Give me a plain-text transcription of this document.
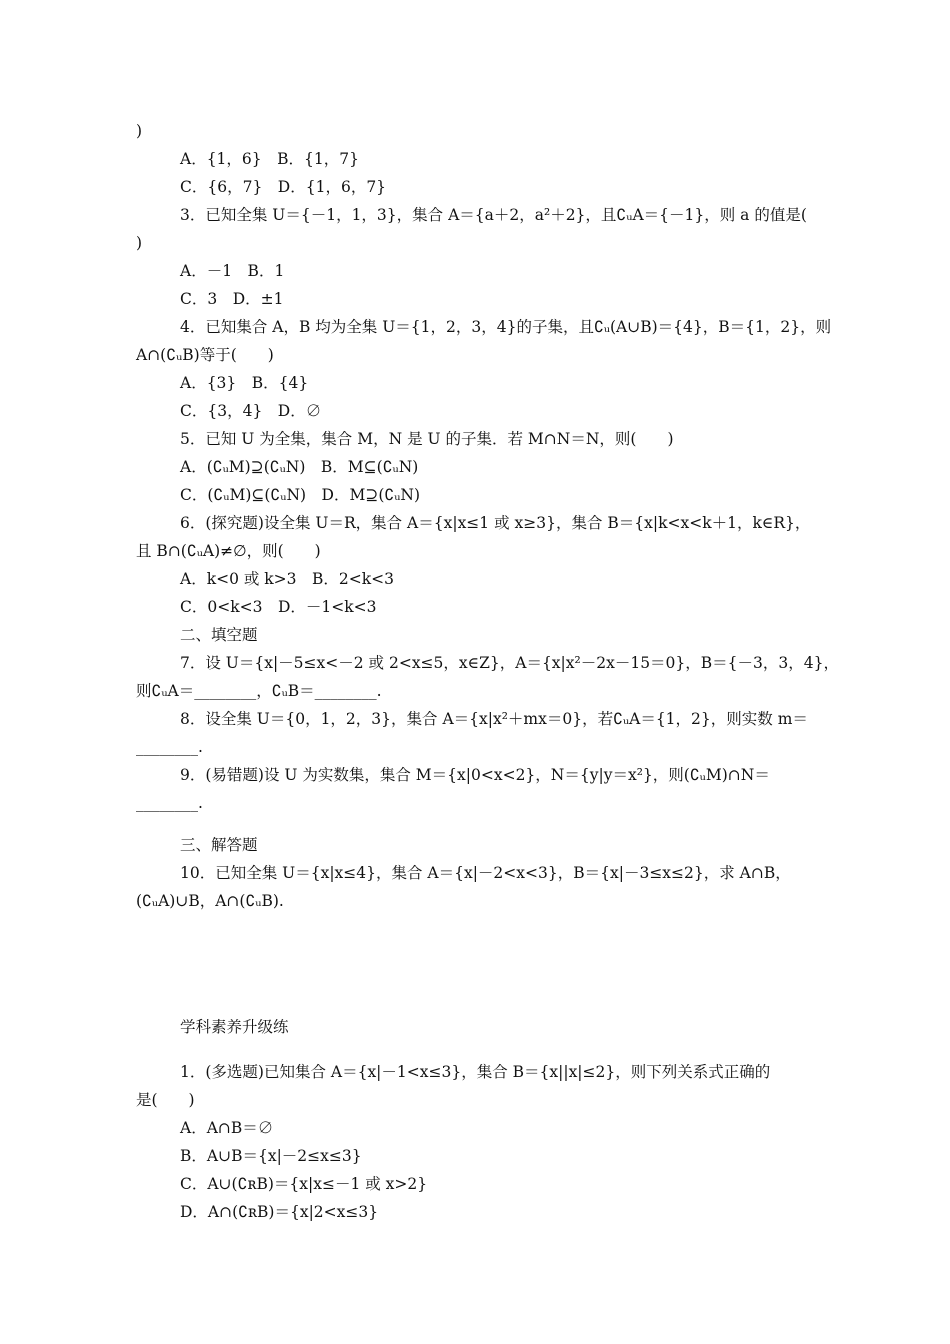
)
A．{1，6}　B．{1，7}
C．{6，7}　D．{1，6，7}
3．已知全集 U＝{－1，1，3}，集合 A＝{a＋2，a²＋2}，且∁ᵤA＝{－1}，则 a 的值是(
)
A．－1　B．1
C．3　D．±1
4．已知集合 A，B 均为全集 U＝{1，2，3，4}的子集，且∁ᵤ(A∪B)＝{4}，B＝{1，2}，则
A∩(∁ᵤB)等于(　　)
A．{3}　B．{4}
C．{3，4}　D．∅
5．已知 U 为全集，集合 M，N 是 U 的子集．若 M∩N＝N，则(　　)
A．(∁ᵤM)⊇(∁ᵤN)　B．M⊆(∁ᵤN)
C．(∁ᵤM)⊆(∁ᵤN)　D．M⊇(∁ᵤN)
6．(探究题)设全集 U＝R，集合 A＝{x|x≤1 或 x≥3}，集合 B＝{x|k<x<k＋1，k∈R}，
且 B∩(∁ᵤA)≠∅，则(　　)
A．k<0 或 k>3　B．2<k<3
C．0<k<3　D．－1<k<3
二、填空题
7．设 U＝{x|－5≤x<－2 或 2<x≤5，x∈Z}，A＝{x|x²－2x－15＝0}，B＝{－3，3，4}，
则∁ᵤA＝________，∁ᵤB＝________.
8．设全集 U＝{0，1，2，3}，集合 A＝{x|x²＋mx＝0}，若∁ᵤA＝{1，2}，则实数 m＝
________.
9．(易错题)设 U 为实数集，集合 M＝{x|0<x<2}，N＝{y|y＝x²}，则(∁ᵤM)∩N＝
________.
三、解答题
10．已知全集 U＝{x|x≤4}，集合 A＝{x|－2<x<3}，B＝{x|－3≤x≤2}，求 A∩B，
(∁ᵤA)∪B，A∩(∁ᵤB).
学科素养升级练
1．(多选题)已知集合 A＝{x|－1<x≤3}，集合 B＝{x||x|≤2}，则下列关系式正确的
是(　　)
A．A∩B＝∅
B．A∪B＝{x|－2≤x≤3}
C．A∪(∁ʀB)＝{x|x≤－1 或 x>2}
D．A∩(∁ʀB)＝{x|2<x≤3}
